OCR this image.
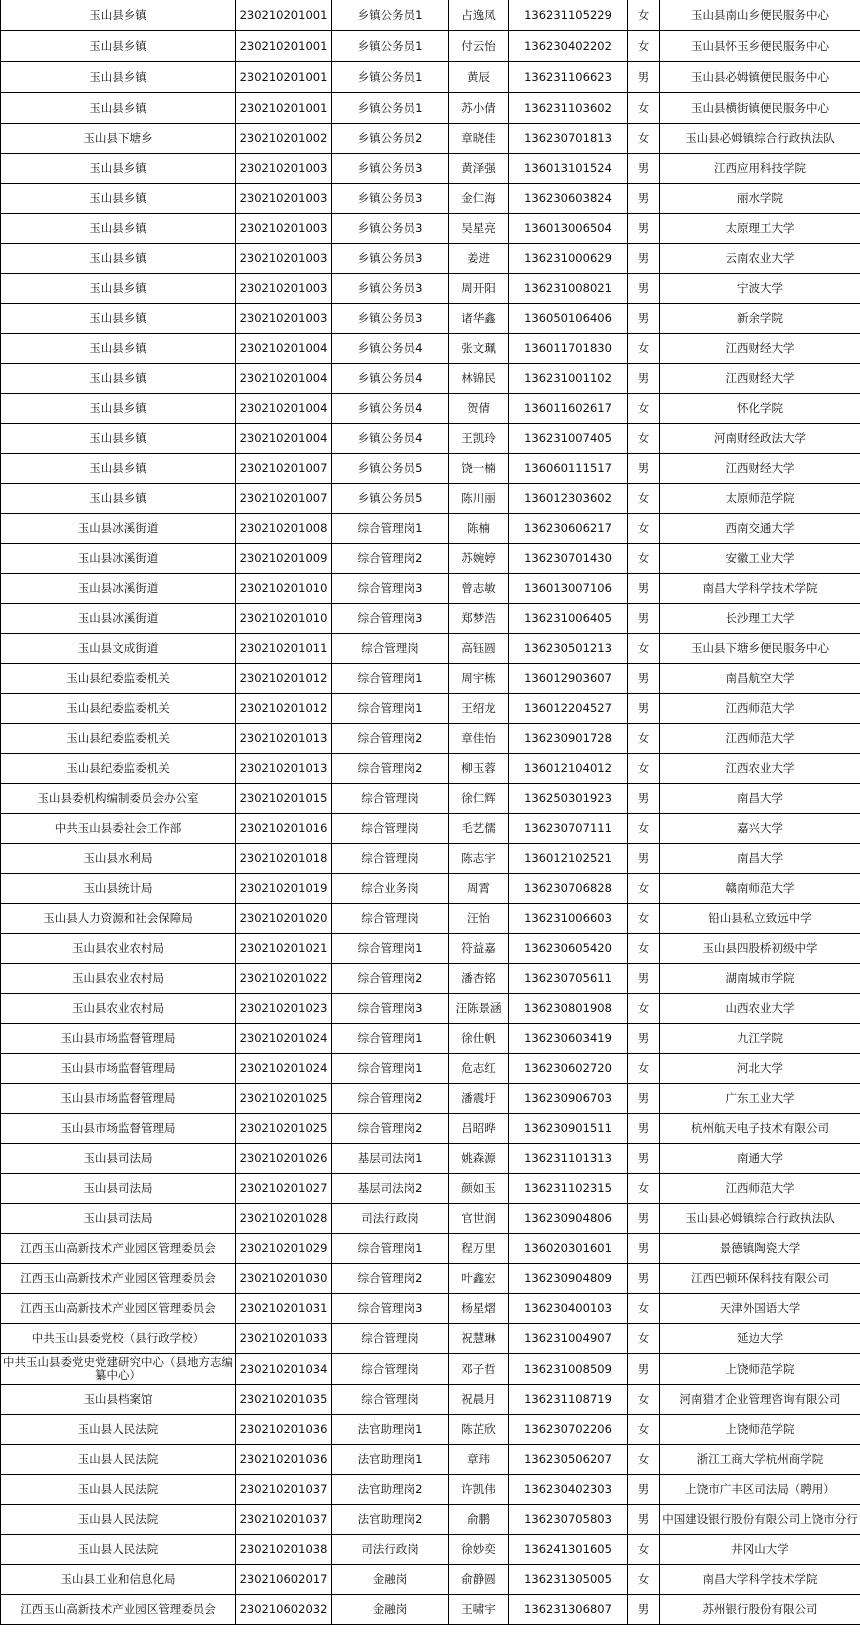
玉山县乡镇	230210201001	乡镇公务员1	占逸凤	136231105229	女	玉山县南山乡便民服务中心
玉山县乡镇	230210201001	乡镇公务员1	付云怡	136230402202	女	玉山县怀玉乡便民服务中心
玉山县乡镇	230210201001	乡镇公务员1	黄辰	136231106623	男	玉山县必姆镇便民服务中心
玉山县乡镇	230210201001	乡镇公务员1	苏小倩	136231103602	女	玉山县横街镇便民服务中心
玉山县下塘乡	230210201002	乡镇公务员2	章晓佳	136230701813	女	玉山县必姆镇综合行政执法队
玉山县乡镇	230210201003	乡镇公务员3	黄泽强	136013101524	男	江西应用科技学院
玉山县乡镇	230210201003	乡镇公务员3	金仁海	136230603824	男	丽水学院
玉山县乡镇	230210201003	乡镇公务员3	吴星亮	136013006504	男	太原理工大学
玉山县乡镇	230210201003	乡镇公务员3	姜进	136231000629	男	云南农业大学
玉山县乡镇	230210201003	乡镇公务员3	周开阳	136231008021	男	宁波大学
玉山县乡镇	230210201003	乡镇公务员3	诸华鑫	136050106406	男	新余学院
玉山县乡镇	230210201004	乡镇公务员4	张文珮	136011701830	女	江西财经大学
玉山县乡镇	230210201004	乡镇公务员4	林锦民	136231001102	男	江西财经大学
玉山县乡镇	230210201004	乡镇公务员4	贺倩	136011602617	女	怀化学院
玉山县乡镇	230210201004	乡镇公务员4	王凯玲	136231007405	女	河南财经政法大学
玉山县乡镇	230210201007	乡镇公务员5	饶一楠	136060111517	男	江西财经大学
玉山县乡镇	230210201007	乡镇公务员5	陈川丽	136012303602	女	太原师范学院
玉山县冰溪街道	230210201008	综合管理岗1	陈楠	136230606217	女	西南交通大学
玉山县冰溪街道	230210201009	综合管理岗2	苏婉婷	136230701430	女	安徽工业大学
玉山县冰溪街道	230210201010	综合管理岗3	曾志敏	136013007106	男	南昌大学科学技术学院
玉山县冰溪街道	230210201010	综合管理岗3	郑梦浩	136231006405	男	长沙理工大学
玉山县文成街道	230210201011	综合管理岗	高钰圆	136230501213	女	玉山县下塘乡便民服务中心
玉山县纪委监委机关	230210201012	综合管理岗1	周宇栋	136012903607	男	南昌航空大学
玉山县纪委监委机关	230210201012	综合管理岗1	王绍龙	136012204527	男	江西师范大学
玉山县纪委监委机关	230210201013	综合管理岗2	章佳怡	136230901728	女	江西师范大学
玉山县纪委监委机关	230210201013	综合管理岗2	柳玉蓉	136012104012	女	江西农业大学
玉山县委机构编制委员会办公室	230210201015	综合管理岗	徐仁辉	136250301923	男	南昌大学
中共玉山县委社会工作部	230210201016	综合管理岗	毛艺儒	136230707111	女	嘉兴大学
玉山县水利局	230210201018	综合管理岗	陈志宇	136012102521	男	南昌大学
玉山县统计局	230210201019	综合业务岗	周霄	136230706828	女	赣南师范大学
玉山县人力资源和社会保障局	230210201020	综合管理岗	汪怡	136231006603	女	铅山县私立致远中学
玉山县农业农村局	230210201021	综合管理岗1	符益嘉	136230605420	女	玉山县四股桥初级中学
玉山县农业农村局	230210201022	综合管理岗2	潘杏铭	136230705611	男	湖南城市学院
玉山县农业农村局	230210201023	综合管理岗3	汪陈景涵	136230801908	女	山西农业大学
玉山县市场监督管理局	230210201024	综合管理岗1	徐仕帆	136230603419	男	九江学院
玉山县市场监督管理局	230210201024	综合管理岗1	危志红	136230602720	女	河北大学
玉山县市场监督管理局	230210201025	综合管理岗2	潘震圩	136230906703	男	广东工业大学
玉山县市场监督管理局	230210201025	综合管理岗2	吕昭晔	136230901511	男	杭州航天电子技术有限公司
玉山县司法局	230210201026	基层司法岗1	姚森源	136231101313	男	南通大学
玉山县司法局	230210201027	基层司法岗2	颜如玉	136231102315	女	江西师范大学
玉山县司法局	230210201028	司法行政岗	官世润	136230904806	男	玉山县必姆镇综合行政执法队
江西玉山高新技术产业园区管理委员会	230210201029	综合管理岗1	程万里	136020301601	男	景德镇陶瓷大学
江西玉山高新技术产业园区管理委员会	230210201030	综合管理岗2	叶鑫宏	136230904809	男	江西巴顿环保科技有限公司
江西玉山高新技术产业园区管理委员会	230210201031	综合管理岗3	杨星熠	136230400103	女	天津外国语大学
中共玉山县委党校（县行政学校）	230210201033	综合管理岗	祝慧琳	136231004907	女	延边大学
中共玉山县委党史党建研究中心（县地方志编纂中心）	230210201034	综合管理岗	邓子哲	136231008509	男	上饶师范学院
玉山县档案馆	230210201035	综合管理岗	祝晨月	136231108719	女	河南猎才企业管理咨询有限公司
玉山县人民法院	230210201036	法官助理岗1	陈芷欣	136230702206	女	上饶师范学院
玉山县人民法院	230210201036	法官助理岗1	章玮	136230506207	女	浙江工商大学杭州商学院
玉山县人民法院	230210201037	法官助理岗2	许凯伟	136230402303	男	上饶市广丰区司法局（聘用）
玉山县人民法院	230210201037	法官助理岗2	俞鹏	136230705803	男	中国建设银行股份有限公司上饶市分行
玉山县人民法院	230210201038	司法行政岗	徐妙奕	136241301605	女	井冈山大学
玉山县工业和信息化局	230210602017	金融岗	俞静圆	136231305005	女	南昌大学科学技术学院
江西玉山高新技术产业园区管理委员会	230210602032	金融岗	王啸宇	136231306807	男	苏州银行股份有限公司
